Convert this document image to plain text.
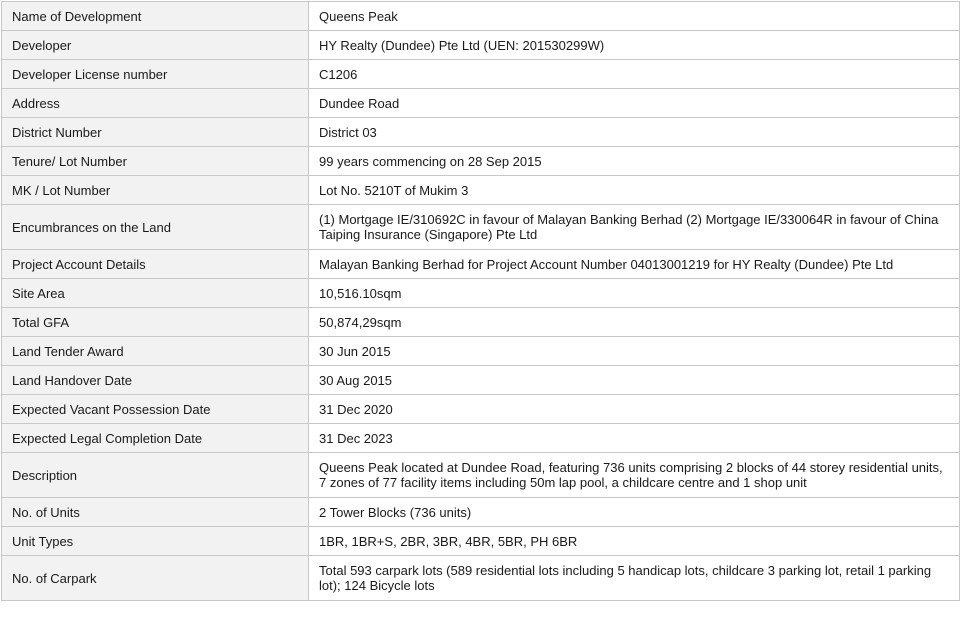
Name of Development	Queens Peak
Developer	HY Realty (Dundee) Pte Ltd (UEN: 201530299W)
Developer License number	C1206
Address	Dundee Road
District Number	District 03
Tenure/ Lot Number	99 years commencing on 28 Sep 2015
MK / Lot Number	Lot No. 5210T of Mukim 3
Encumbrances on the Land	(1) Mortgage IE/310692C in favour of Malayan Banking Berhad (2) Mortgage IE/330064R in favour of China Taiping Insurance (Singapore) Pte Ltd
Project Account Details	Malayan Banking Berhad for Project Account Number 04013001219 for HY Realty (Dundee) Pte Ltd
Site Area	10,516.10sqm
Total GFA	50,874,29sqm
Land Tender Award	30 Jun 2015
Land Handover Date	30 Aug 2015
Expected Vacant Possession Date	31 Dec 2020
Expected Legal Completion Date	31 Dec 2023
Description	Queens Peak located at Dundee Road, featuring 736 units comprising 2 blocks of 44 storey residential units, 7 zones of 77 facility items including 50m lap pool, a childcare centre and 1 shop unit
No. of Units	2 Tower Blocks (736 units)
Unit Types	1BR, 1BR+S, 2BR, 3BR, 4BR, 5BR, PH 6BR
No. of Carpark	Total 593 carpark lots (589 residential lots including 5 handicap lots, childcare 3 parking lot, retail 1 parking lot); 124 Bicycle lots
